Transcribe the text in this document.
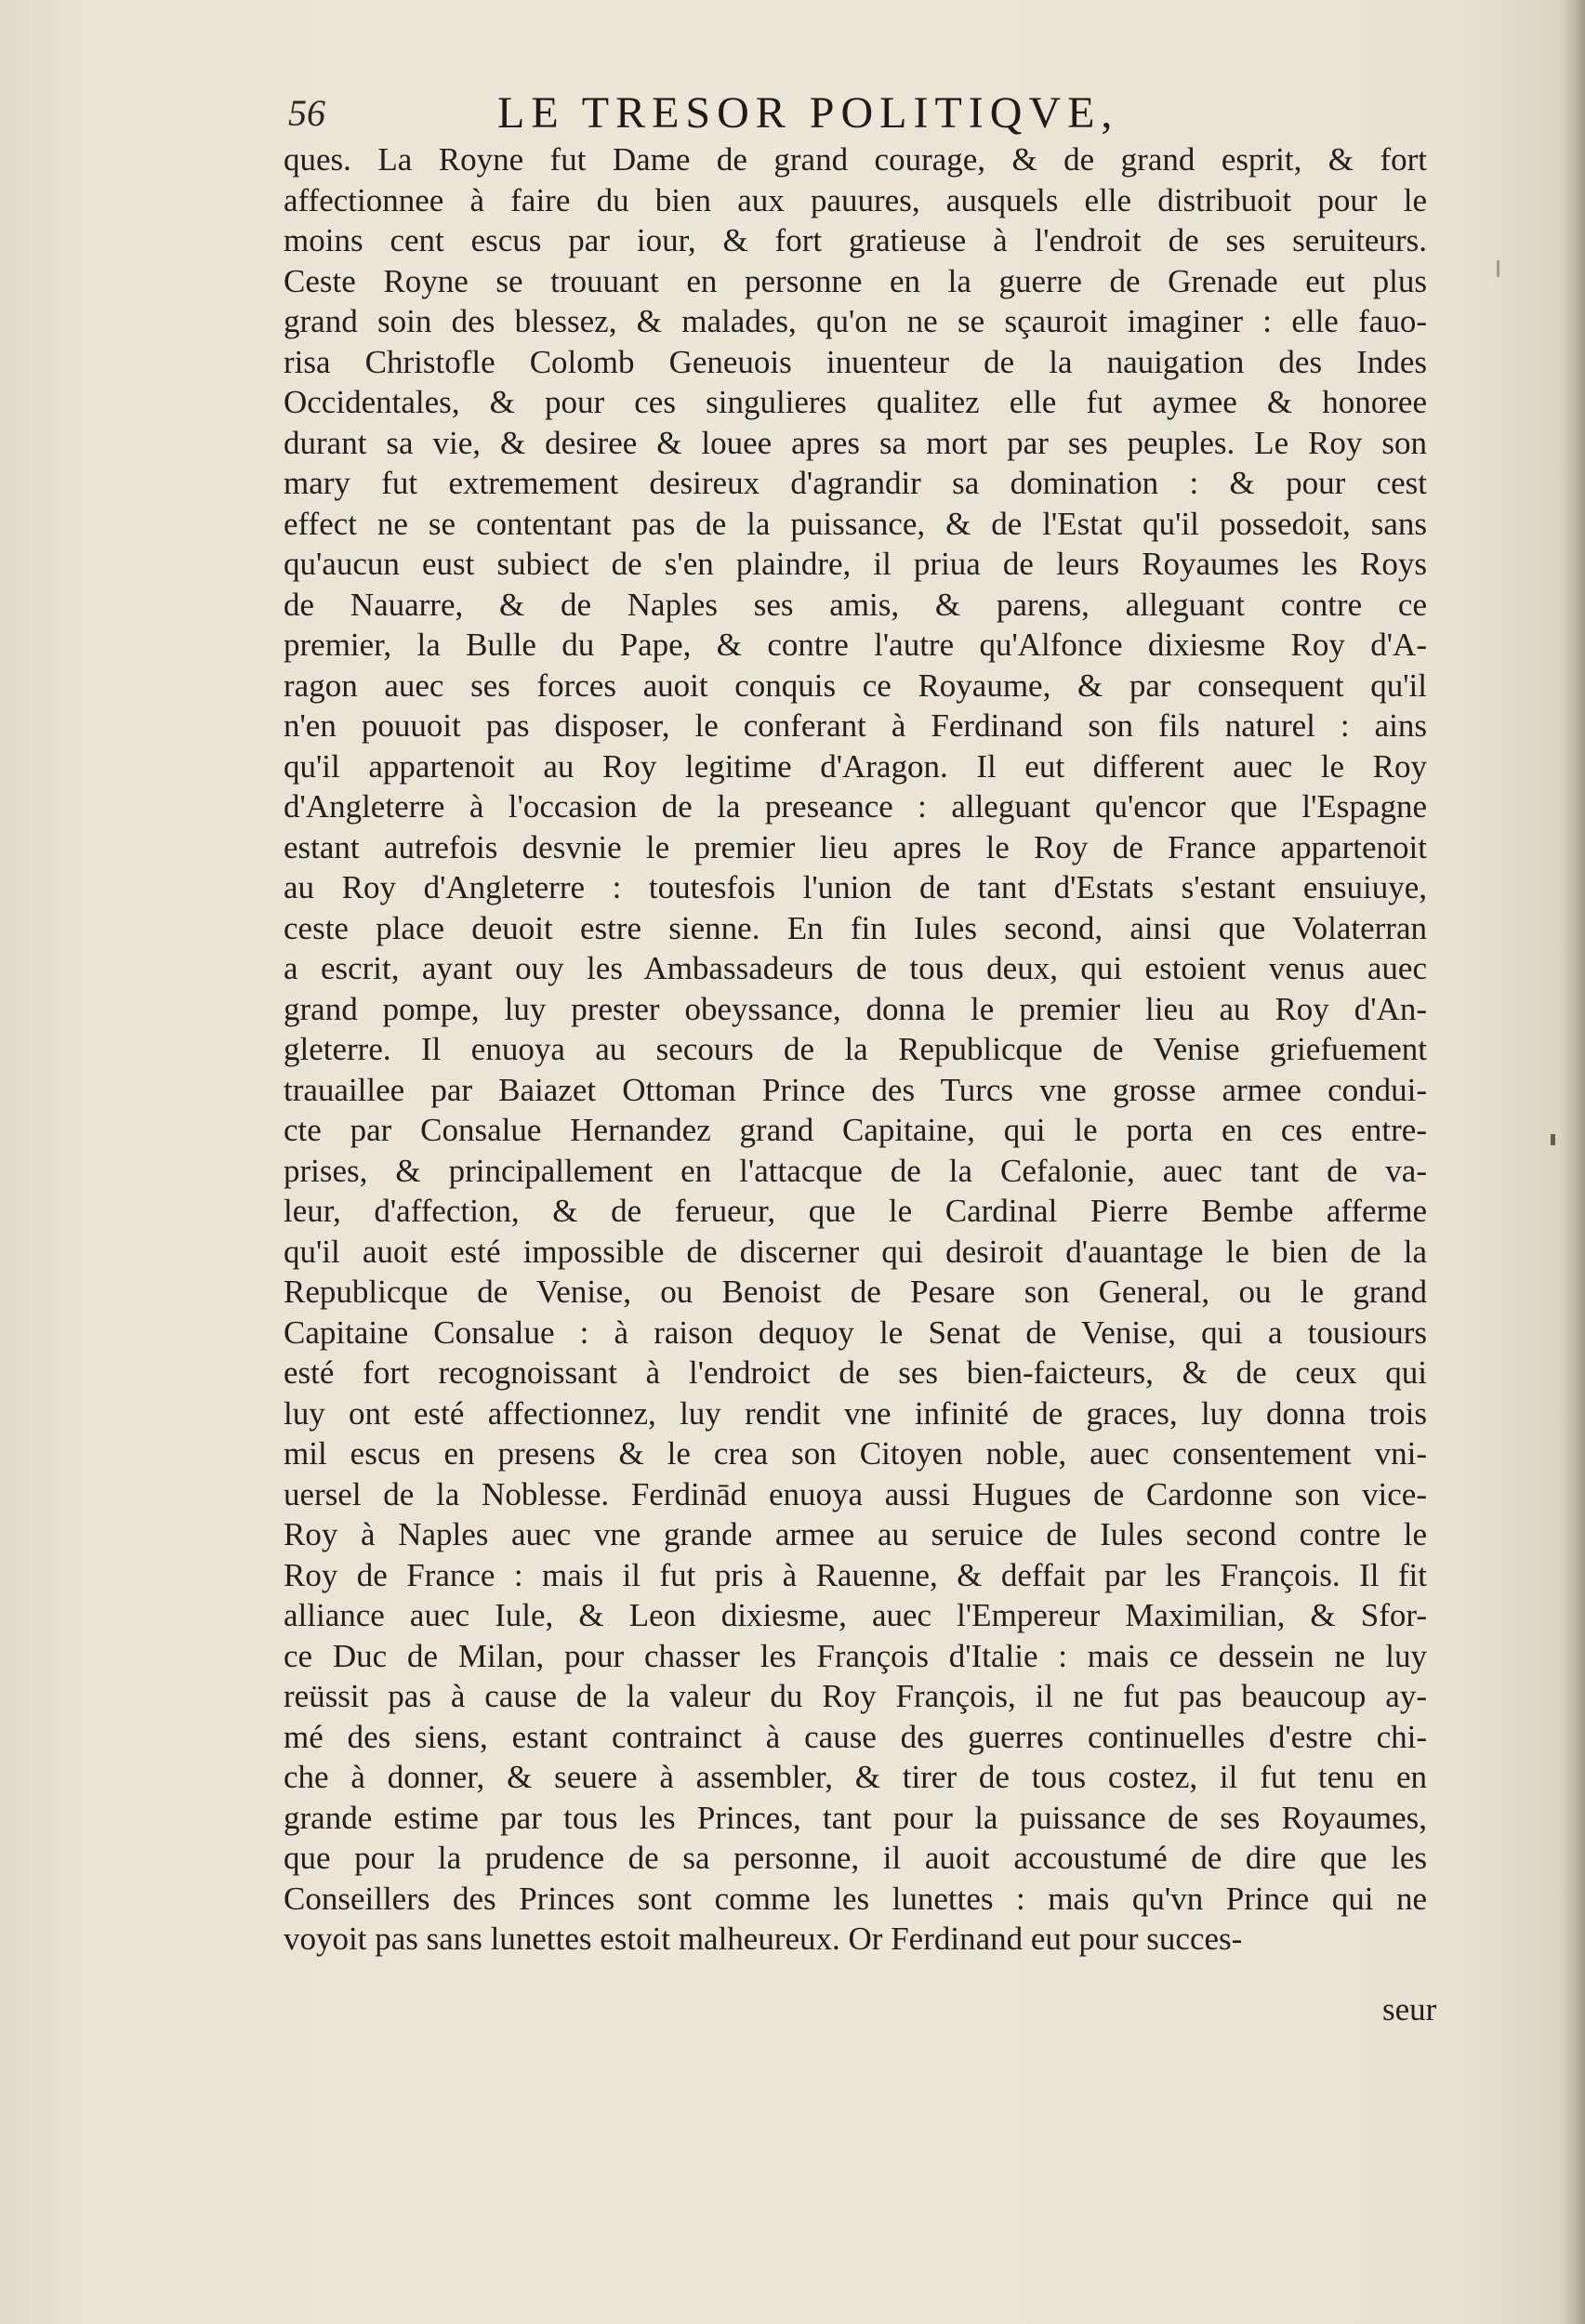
56	LE TRESOR POLITIQVE,
ques. La Royne fut Dame de grand courage, & de grand esprit, & fort
affectionnee à faire du bien aux pauures, ausquels elle distribuoit pour le
moins cent escus par iour, & fort gratieuse à l'endroit de ses seruiteurs.
Ceste Royne se trouuant en personne en la guerre de Grenade eut plus
grand soin des blessez, & malades, qu'on ne se sçauroit imaginer : elle fauo-
risa Christofle Colomb Geneuois inuenteur de la nauigation des Indes
Occidentales, & pour ces singulieres qualitez elle fut aymee & honoree
durant sa vie, & desiree & louee apres sa mort par ses peuples. Le Roy son
mary fut extremement desireux d'agrandir sa domination : & pour cest
effect ne se contentant pas de la puissance, & de l'Estat qu'il possedoit, sans
qu'aucun eust subiect de s'en plaindre, il priua de leurs Royaumes les Roys
de Nauarre, & de Naples ses amis, & parens, alleguant contre ce
premier, la Bulle du Pape, & contre l'autre qu'Alfonce dixiesme Roy d'A-
ragon auec ses forces auoit conquis ce Royaume, & par consequent qu'il
n'en pouuoit pas disposer, le conferant à Ferdinand son fils naturel : ains
qu'il appartenoit au Roy legitime d'Aragon. Il eut different auec le Roy
d'Angleterre à l'occasion de la preseance : alleguant qu'encor que l'Espagne
estant autrefois desvnie le premier lieu apres le Roy de France appartenoit
au Roy d'Angleterre : toutesfois l'union de tant d'Estats s'estant ensuiuye,
ceste place deuoit estre sienne. En fin Iules second, ainsi que Volaterran
a escrit, ayant ouy les Ambassadeurs de tous deux, qui estoient venus auec
grand pompe, luy prester obeyssance, donna le premier lieu au Roy d'An-
gleterre. Il enuoya au secours de la Republicque de Venise griefuement
trauaillee par Baiazet Ottoman Prince des Turcs vne grosse armee condui-
cte par Consalue Hernandez grand Capitaine, qui le porta en ces entre-
prises, & principallement en l'attacque de la Cefalonie, auec tant de va-
leur, d'affection, & de ferueur, que le Cardinal Pierre Bembe afferme
qu'il auoit esté impossible de discerner qui desiroit d'auantage le bien de la
Republicque de Venise, ou Benoist de Pesare son General, ou le grand
Capitaine Consalue : à raison dequoy le Senat de Venise, qui a tousiours
esté fort recognoissant à l'endroict de ses bien-faicteurs, & de ceux qui
luy ont esté affectionnez, luy rendit vne infinité de graces, luy donna trois
mil escus en presens & le crea son Citoyen noble, auec consentement vni-
uersel de la Noblesse. Ferdinād enuoya aussi Hugues de Cardonne son vice-
Roy à Naples auec vne grande armee au seruice de Iules second contre le
Roy de France : mais il fut pris à Rauenne, & deffait par les François. Il fit
alliance auec Iule, & Leon dixiesme, auec l'Empereur Maximilian, & Sfor-
ce Duc de Milan, pour chasser les François d'Italie : mais ce dessein ne luy
reüssit pas à cause de la valeur du Roy François, il ne fut pas beaucoup ay-
mé des siens, estant contrainct à cause des guerres continuelles d'estre chi-
che à donner, & seuere à assembler, & tirer de tous costez, il fut tenu en
grande estime par tous les Princes, tant pour la puissance de ses Royaumes,
que pour la prudence de sa personne, il auoit accoustumé de dire que les
Conseillers des Princes sont comme les lunettes : mais qu'vn Prince qui ne
voyoit pas sans lunettes estoit malheureux. Or Ferdinand eut pour succes-
seur
